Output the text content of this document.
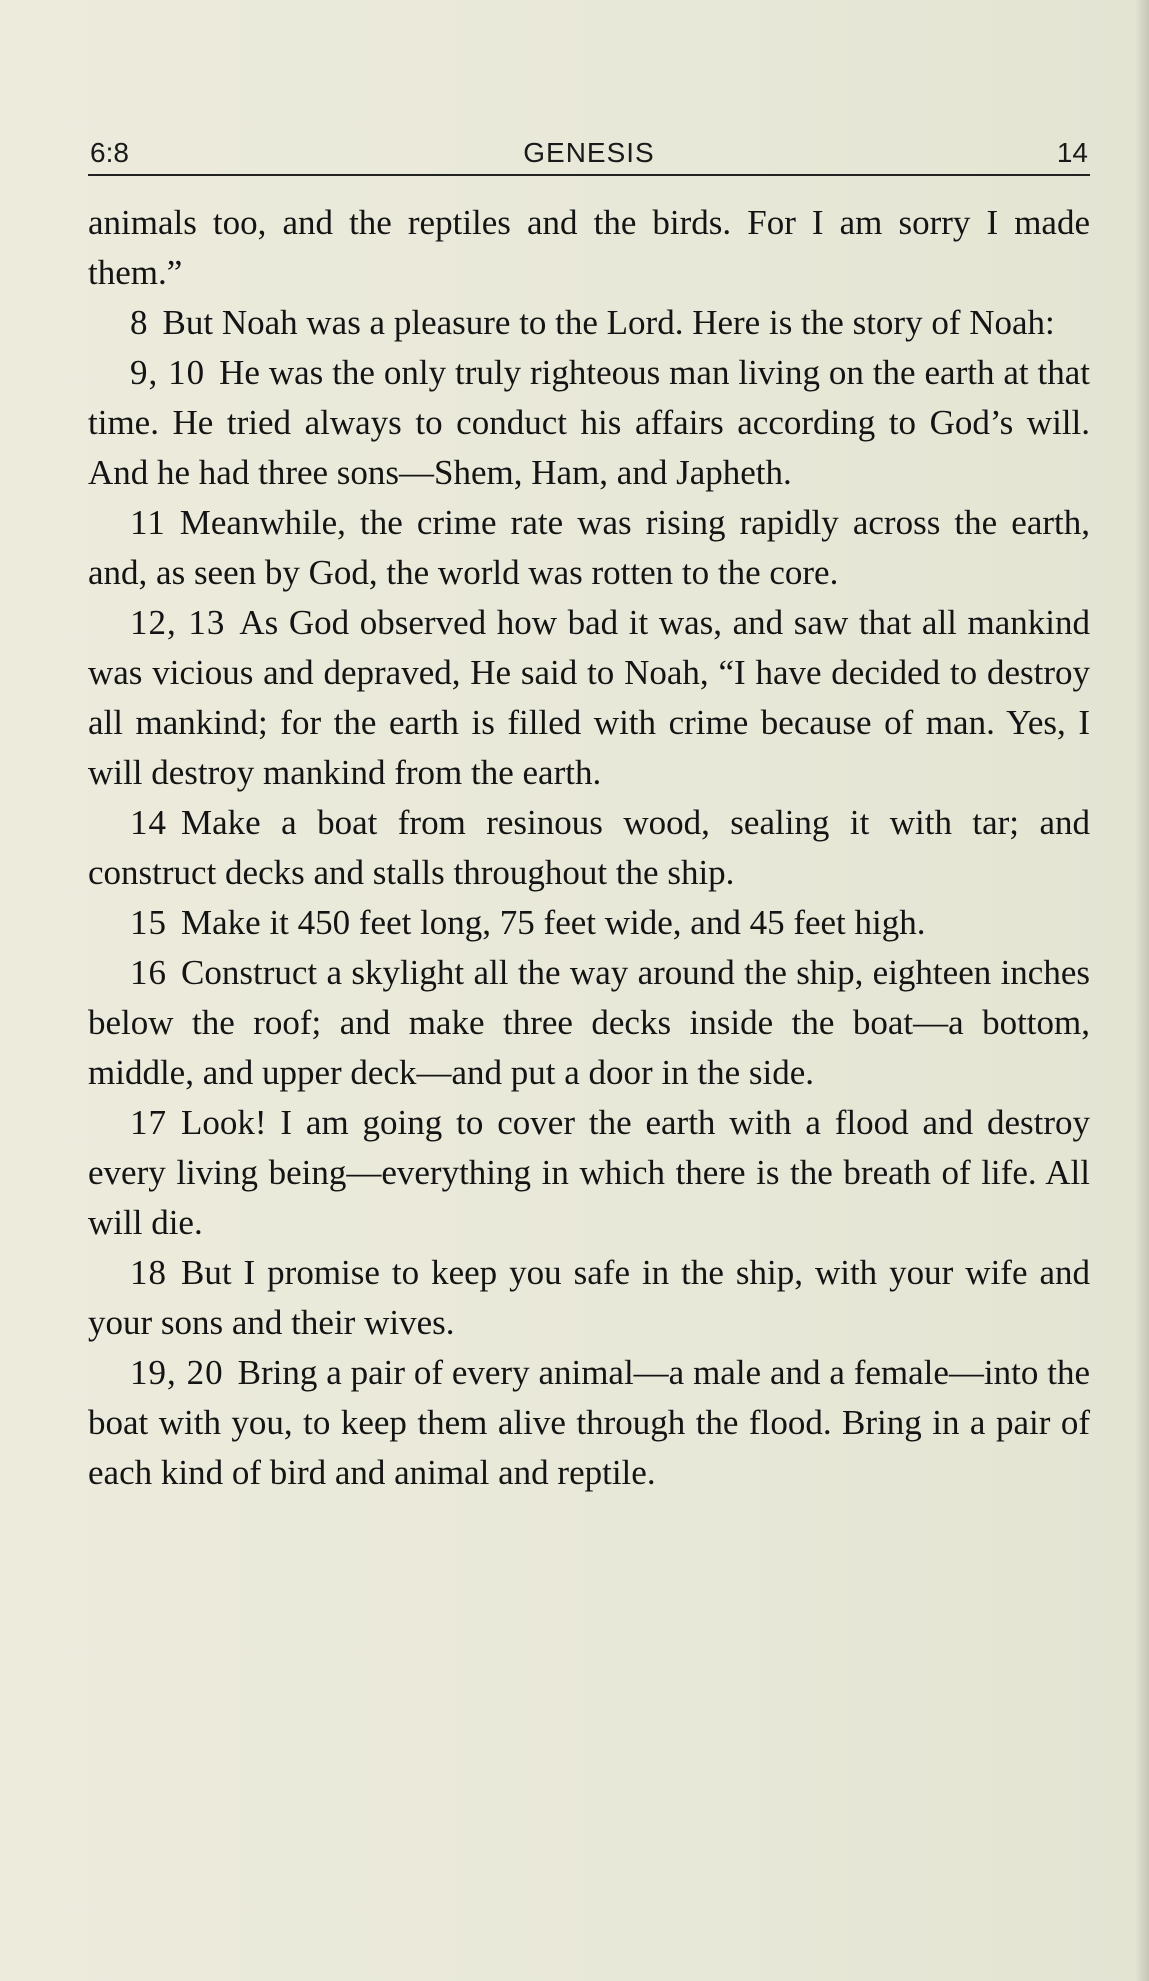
GENESIS
6:8	14

animals too, and the reptiles and the birds. For I am sorry I made them.”

8 But Noah was a pleasure to the Lord. Here is the story of Noah:

9, 10 He was the only truly righteous man living on the earth at that time. He tried always to conduct his affairs according to God’s will. And he had three sons—Shem, Ham, and Japheth.

11 Meanwhile, the crime rate was rising rapidly across the earth, and, as seen by God, the world was rotten to the core.

12, 13 As God observed how bad it was, and saw that all mankind was vicious and depraved, He said to Noah, “I have decided to destroy all mankind; for the earth is filled with crime because of man. Yes, I will destroy mankind from the earth.

14 Make a boat from resinous wood, sealing it with tar; and construct decks and stalls throughout the ship.

15 Make it 450 feet long, 75 feet wide, and 45 feet high.

16 Construct a skylight all the way around the ship, eighteen inches below the roof; and make three decks inside the boat—a bottom, middle, and upper deck—and put a door in the side.

17 Look! I am going to cover the earth with a flood and destroy every living being—everything in which there is the breath of life. All will die.

18 But I promise to keep you safe in the ship, with your wife and your sons and their wives.

19, 20 Bring a pair of every animal—a male and a female—into the boat with you, to keep them alive through the flood. Bring in a pair of each kind of bird and animal and reptile.
